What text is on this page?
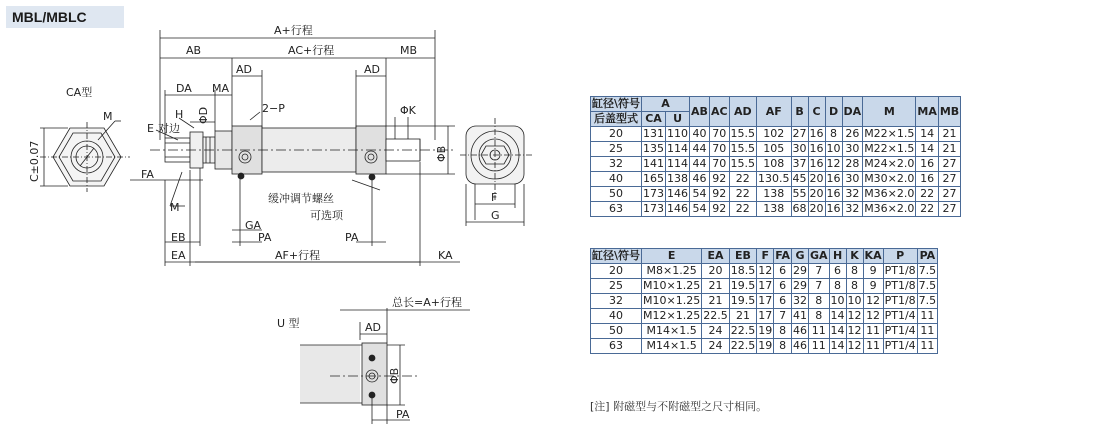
MBL/MBLC
A+行程
AB	AC+行程	MB
AD	AD
DA MA
H ΦD	2−P	ΦK
ΦB
E 对边
M
FA
M
缓冲调节螺丝
可选项
GA
PA	PA
EB
EA	AF+行程	KA
CA型
C±0.07
F
G
U 型
总长=A+行程
AD
ΦB
PA
缸径\符号	A		AB	AC	AD	AF	B	C	D	DA	M	MA	MB
后盖型式	CA	U											
20	131	110	40	70	15.5	102	27	16	8	26	M22×1.5	14	21
25	135	114	44	70	15.5	105	30	16	10	30	M22×1.5	14	21
32	141	114	44	70	15.5	108	37	16	12	28	M24×2.0	16	27
40	165	138	46	92	22	130.5	45	20	16	30	M30×2.0	16	27
50	173	146	54	92	22	138	55	20	16	32	M36×2.0	22	27
63	173	146	54	92	22	138	68	20	16	32	M36×2.0	22	27
缸径\符号	E	EA	EB	F	FA	G	GA	H	K	KA	P	PA
20	M8×1.25	20	18.5	12	6	29	7	6	8	9	PT1/8	7.5
25	M10×1.25	21	19.5	17	6	29	7	8	8	9	PT1/8	7.5
32	M10×1.25	21	19.5	17	6	32	8	10	10	12	PT1/8	7.5
40	M12×1.25	22.5	21	17	7	41	8	14	12	12	PT1/4	11
50	M14×1.5	24	22.5	19	8	46	11	14	12	11	PT1/4	11
63	M14×1.5	24	22.5	19	8	46	11	14	12	11	PT1/4	11
[注] 附磁型与不附磁型之尺寸相同。
